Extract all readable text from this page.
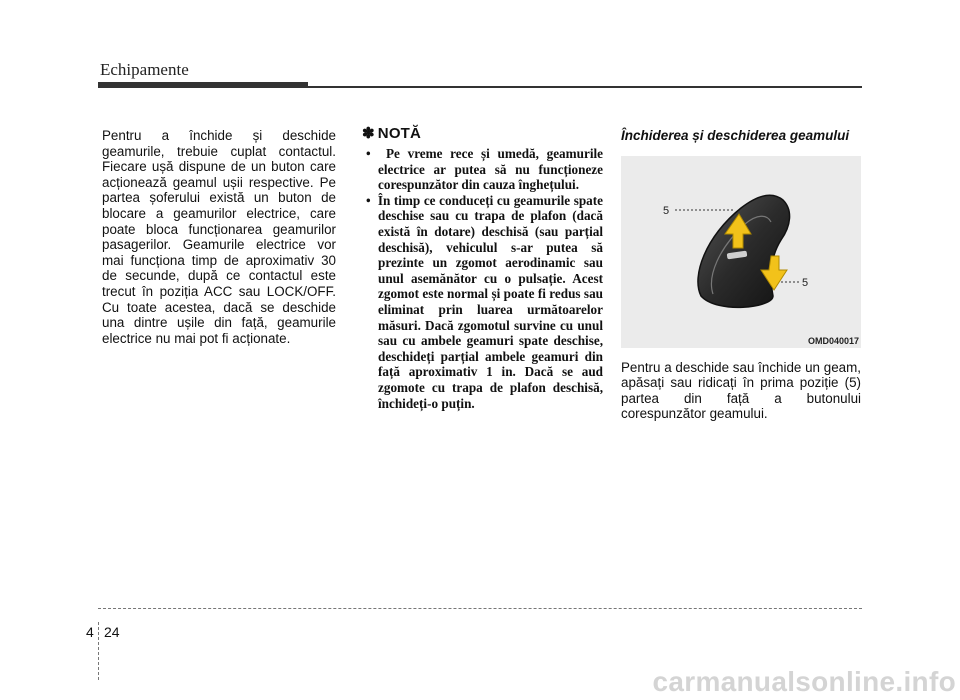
Echipamente

Pentru a închide și deschide geamurile, trebuie cuplat contactul. Fiecare ușă dispune de un buton care acționează geamul ușii respective. Pe partea șoferului există un buton de blocare a geamurilor electrice, care poate bloca funcționarea geamurilor pasagerilor. Geamurile electrice vor mai funcționa timp de aproximativ 30 de secunde, după ce contactul este trecut în poziția ACC sau LOCK/OFF. Cu toate acestea, dacă se deschide una dintre ușile din față, geamurile electrice nu mai pot fi acționate.

✽ NOTĂ
• Pe vreme rece și umedă, geamurile electrice ar putea să nu funcționeze corespunzător din cauza înghețului.
• În timp ce conduceți cu geamurile spate deschise sau cu trapa de plafon (dacă există în dotare) deschisă (sau parțial deschisă), vehiculul s-ar putea să prezinte un zgomot aerodinamic sau unul asemănător cu o pulsație. Acest zgomot este normal și poate fi redus sau eliminat prin luarea următoarelor măsuri. Dacă zgomotul survine cu unul sau cu ambele geamuri spate deschise, deschideți parțial ambele geamuri din față aproximativ 1 in. Dacă se aud zgomote cu trapa de plafon deschisă, închideți-o puțin.
Închiderea și deschiderea geamului
5
5
OMD040017

Pentru a deschide sau închide un geam, apăsați sau ridicați în prima poziție (5) partea din față a butonului corespunzător geamului.

4 24
carmanualsonline.info
